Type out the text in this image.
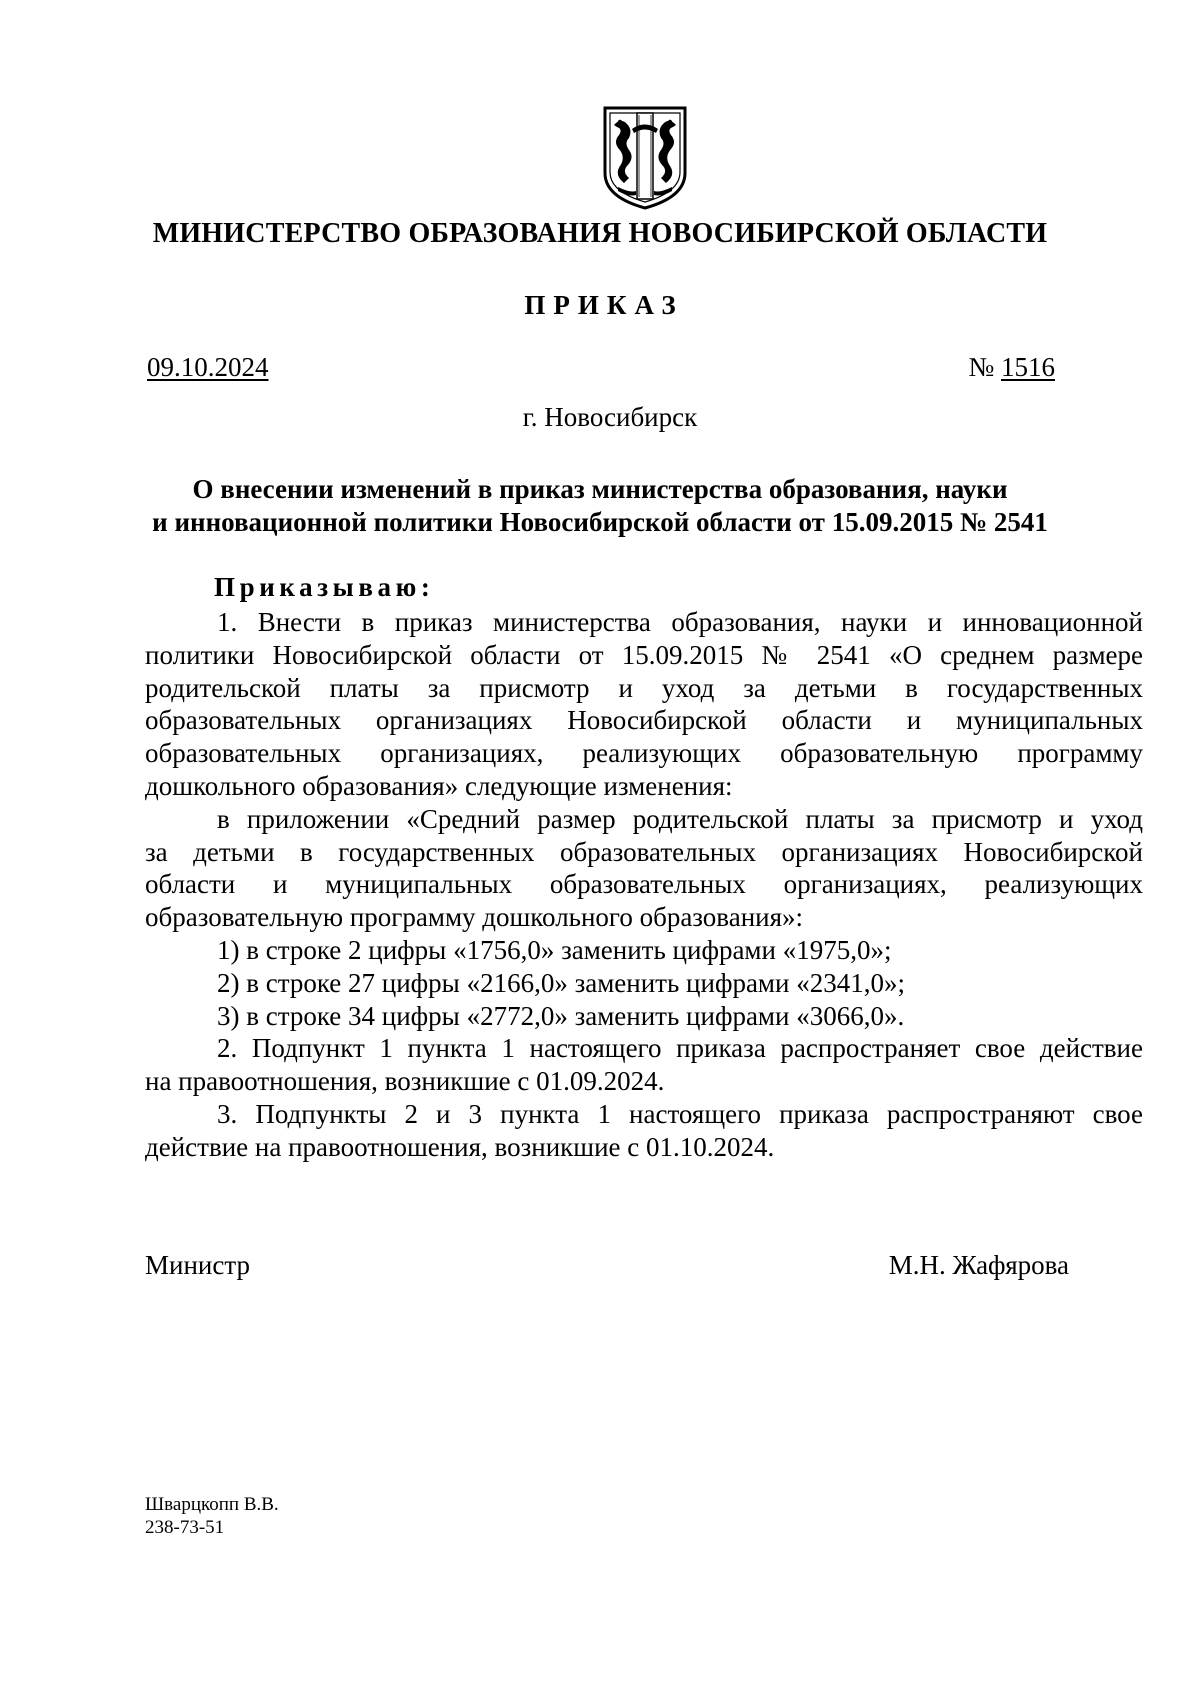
МИНИСТЕРСТВО ОБРАЗОВАНИЯ НОВОСИБИРСКОЙ ОБЛАСТИ
ПРИКАЗ
09.10.2024	№ 1516
г. Новосибирск
О внесении изменений в приказ министерства образования, науки
и инновационной политики Новосибирской области от 15.09.2015 № 2541
Приказываю:
1. Внести в приказ министерства образования, науки и инновационной
политики Новосибирской области от 15.09.2015 № 2541 «О среднем размере
родительской платы за присмотр и уход за детьми в государственных
образовательных организациях Новосибирской области и муниципальных
образовательных организациях, реализующих образовательную программу
дошкольного образования» следующие изменения:
в приложении «Средний размер родительской платы за присмотр и уход
за детьми в государственных образовательных организациях Новосибирской
области и муниципальных образовательных организациях, реализующих
образовательную программу дошкольного образования»:
1) в строке 2 цифры «1756,0» заменить цифрами «1975,0»;
2) в строке 27 цифры «2166,0» заменить цифрами «2341,0»;
3) в строке 34 цифры «2772,0» заменить цифрами «3066,0».
2. Подпункт 1 пункта 1 настоящего приказа распространяет свое действие
на правоотношения, возникшие с 01.09.2024.
3. Подпункты 2 и 3 пункта 1 настоящего приказа распространяют свое
действие на правоотношения, возникшие с 01.10.2024.
Министр	М.Н. Жафярова
Шварцкопп В.В.
238-73-51
